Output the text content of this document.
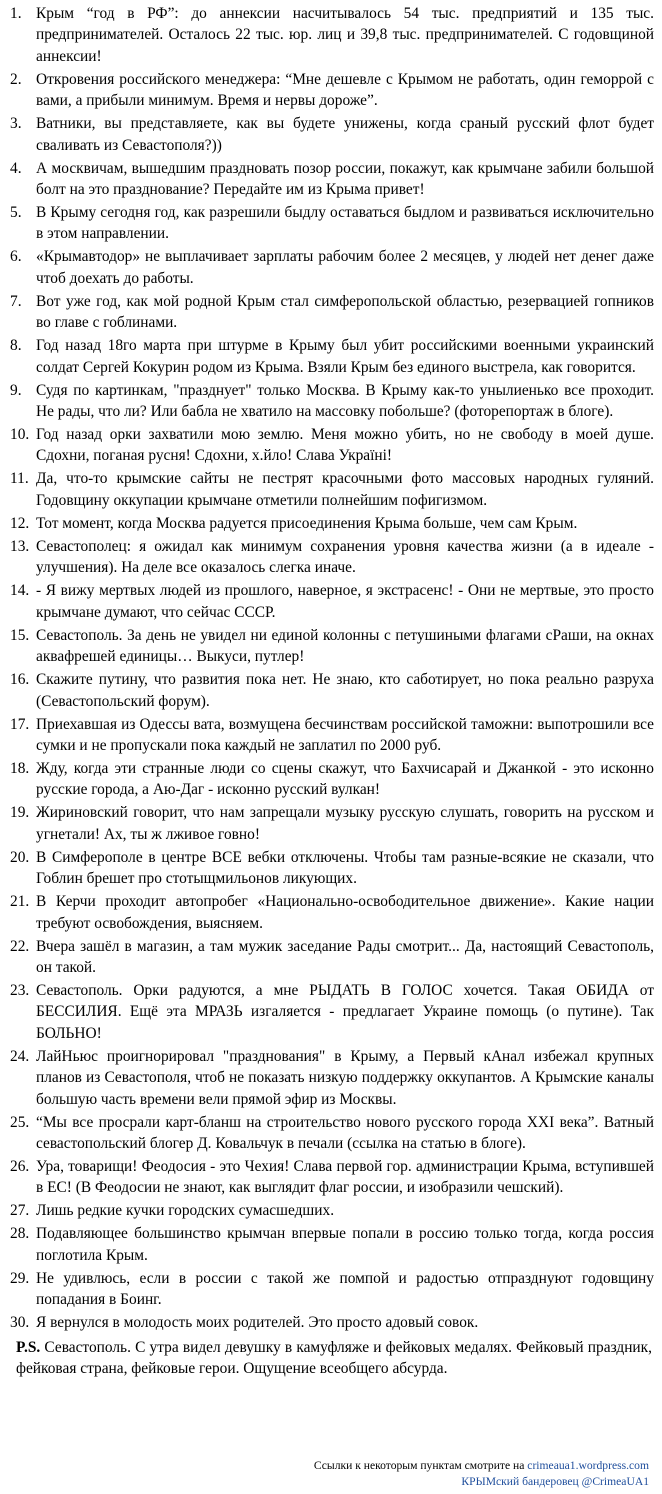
1. Крым “год в РФ”: до аннексии насчитывалось 54 тыс. предприятий и 135 тыс. предпринимателей. Осталось 22 тыс. юр. лиц и 39,8 тыс. предпринимателей. С годовщиной аннексии!
2. Откровения российского менеджера: “Мне дешевле с Крымом не работать, один геморрой с вами, а прибыли минимум. Время и нервы дороже”.
3. Ватники, вы представляете, как вы будете унижены, когда сраный русский флот будет сваливать из Севастополя?))
4. А москвичам, вышедшим праздновать позор россии, покажут, как крымчане забили большой болт на это празднование? Передайте им из Крыма привет!
5. В Крыму сегодня год, как разрешили быдлу оставаться быдлом и развиваться исключительно в этом направлении.
6. «Крымавтодор» не выплачивает зарплаты рабочим более 2 месяцев, у людей нет денег даже чтоб доехать до работы.
7. Вот уже год, как мой родной Крым стал симферопольской областью, резервацией гопников во главе с гоблинами.
8. Год назад 18го марта при штурме в Крыму был убит российскими военными украинский солдат Сергей Кокурин родом из Крыма. Взяли Крым без единого выстрела, как говорится.
9. Судя по картинкам, "празднует" только Москва. В Крыму как-то унылиенько все проходит. Не рады, что ли? Или бабла не хватило на массовку побольше? (фоторепортаж в блоге).
10. Год назад орки захватили мою землю. Меня можно убить, но не свободу в моей душе. Сдохни, поганая русня! Сдохни, х.йло! Слава Україні!
11. Да, что-то крымские сайты не пестрят красочными фото массовых народных гуляний. Годовщину оккупации крымчане отметили полнейшим пофигизмом.
12. Тот момент, когда Москва радуется присоединения Крыма больше, чем сам Крым.
13. Севастополец: я ожидал как минимум сохранения уровня качества жизни (а в идеале - улучшения). На деле все оказалось слегка иначе.
14. - Я вижу мертвых людей из прошлого, наверное, я экстрасенс! - Они не мертвые, это просто крымчане думают, что сейчас СССР.
15. Севастополь. За день не увидел ни единой колонны с петушиными флагами сРаши, на окнах аквафрешей единицы… Выкуси, путлер!
16. Скажите путину, что развития пока нет. Не знаю, кто саботирует, но пока реально разруха (Севастопольский форум).
17. Приехавшая из Одессы вата, возмущена бесчинствам российской таможни: выпотрошили все сумки и не пропускали пока каждый не заплатил по 2000 руб.
18. Жду, когда эти странные люди со сцены скажут, что Бахчисарай и Джанкой - это исконно русские города, а Аю-Даг - исконно русский вулкан!
19. Жириновский говорит, что нам запрещали музыку русскую слушать, говорить на русском и угнетали! Ах, ты ж лживое говно!
20. В Симферополе в центре ВСЕ вебки отключены. Чтобы там разные-всякие не сказали, что Гоблин брешет про стотыщмильонов ликующих.
21. В Керчи проходит автопробег «Национально-освободительное движение». Какие нации требуют освобождения, выясняем.
22. Вчера зашёл в магазин, а там мужик заседание Рады смотрит... Да, настоящий Севастополь, он такой.
23. Севастополь. Орки радуются, а мне РЫДАТЬ В ГОЛОС хочется. Такая ОБИДА от БЕССИЛИЯ. Ещё эта МРАЗЬ изгаляется - предлагает Украине помощь (о путине). Так БОЛЬНО!
24. ЛайНьюс проигнорировал "празднования" в Крыму, а Первый кАнал избежал крупных планов из Севастополя, чтоб не показать низкую поддержку оккупантов. А Крымские каналы большую часть времени вели прямой эфир из Москвы.
25. “Мы все просрали карт-бланш на строительство нового русского города XXI века”. Ватный севастопольский блогер Д. Ковальчук в печали (ссылка на статью в блоге).
26. Ура, товарищи! Феодосия - это Чехия! Слава первой гор. администрации Крыма, вступившей в ЕС! (В Феодосии не знают, как выглядит флаг россии, и изобразили чешский).
27. Лишь редкие кучки городских сумасшедших.
28. Подавляющее большинство крымчан впервые попали в россию только тогда, когда россия поглотила Крым.
29. Не удивлюсь, если в россии с такой же помпой и радостью отпразднуют годовщину попадания в Боинг.
30. Я вернулся в молодость моих родителей. Это просто адовый совок.

P.S. Севастополь. С утра видел девушку в камуфляже и фейковых медалях. Фейковый праздник, фейковая страна, фейковые герои. Ощущение всеобщего абсурда.

Ссылки к некоторым пунктам смотрите на crimeaua1.wordpress.com
КРЫМский бандеровец @CrimeaUA1
